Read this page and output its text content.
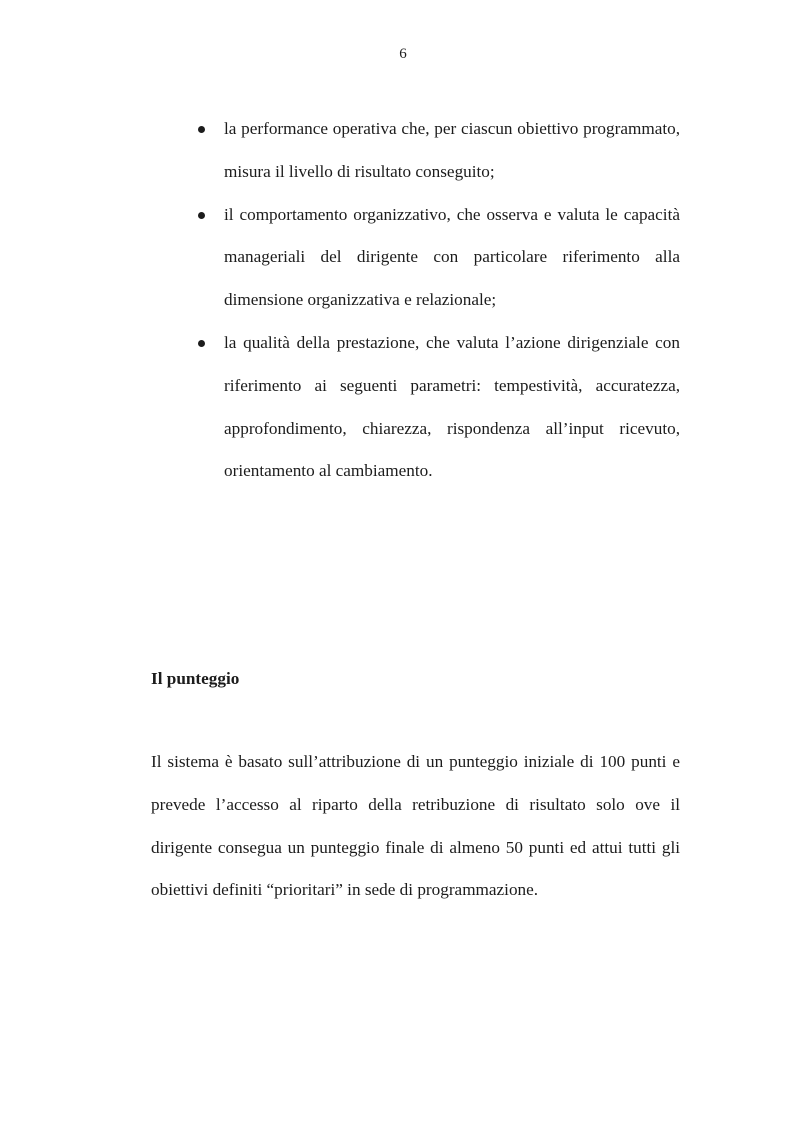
6
la performance operativa che, per ciascun obiettivo programmato, misura il livello di risultato conseguito;
il comportamento organizzativo, che osserva e valuta le capacità manageriali del dirigente con particolare riferimento alla dimensione organizzativa e relazionale;
la qualità della prestazione, che valuta l’azione dirigenziale con riferimento ai seguenti parametri: tempestività, accuratezza, approfondimento, chiarezza, rispondenza all’input ricevuto, orientamento al cambiamento.
Il punteggio

Il sistema è basato sull’attribuzione di un punteggio iniziale di 100 punti e prevede l’accesso al riparto della retribuzione di risultato solo ove il dirigente consegua un punteggio finale di almeno 50 punti ed attui tutti gli obiettivi definiti “prioritari” in sede di programmazione.
